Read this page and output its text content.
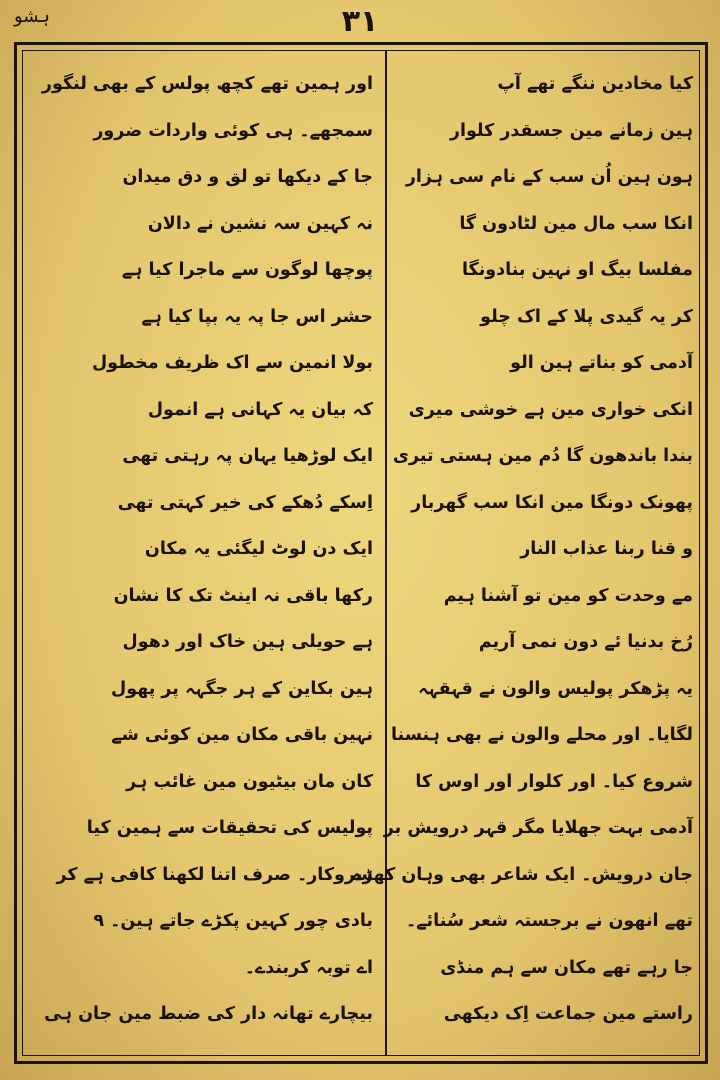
ہشو	۳۱
کیا مخادین ننگے تھے آپ
ہین زمانے مین جسقدر کلوار
ہون ہین اُن سب کے نام سی ہزار
انکا سب مال مین لٹادون گا
مفلسا بیگ او نہین بنادونگا
کر یہ گیدی پلا کے اک چلو
آدمی کو بناتے ہین الو
انکی خواری مین ہے خوشی میری
بندا باندھون گا دُم مین ہستی تیری
پھونک دونگا مین انکا سب گھربار
و قنا ربنا عذاب النار
مے وحدت کو مین تو آشنا ہیم
رُخ بدنیا ئے دون نمی آریم
یہ پڑھکر پولیس والون نے قہقہہ
لگایا۔ اور محلے والون نے بھی ہنسنا
شروع کیا۔ اور کلوار اور اوس کا
آدمی بہت جھلایا مگر قہر درویش بر
جان درویش۔ ایک شاعر بھی وہان کھڑے
تھے انھون نے برجستہ شعر سُنائے۔
جا رہے تھے مکان سے ہم منڈی
راستے مین جماعت اِک دیکھی
اور ہمین تھے کچھ پولس کے بھی لنگور
سمجھے۔ ہی کوئی واردات ضرور
جا کے دیکھا تو لق و دق میدان
نہ کہین سہ نشین نے دالان
پوچھا لوگون سے ماجرا کیا ہے
حشر اس جا پہ یہ بپا کیا ہے
بولا انمین سے اک ظریف مخطول
کہ بیان یہ کہانی ہے انمول
ایک لوڑھیا یہان پہ رہتی تھی
اِسکے دُھکے کی خیر کہتی تھی
ایک دن لوٹ لیگئی یہ مکان
رکھا باقی نہ اینٹ تک کا نشان
ہے حویلی ہین خاک اور دھول
ہین بکاین کے ہر جگہہ پر پھول
نہین باقی مکان مین کوئی شے
کان مان بیٹیون مین غائب ہر
پولیس کی تحقیقات سے ہمین کیا
سروکار۔ صرف اتنا لکھنا کافی ہے کر
بادی چور کہین پکڑے جاتے ہین۔ ۹
اے توبہ کربندے۔
بیچارے تھانہ دار کی ضبط مین جان ہی
